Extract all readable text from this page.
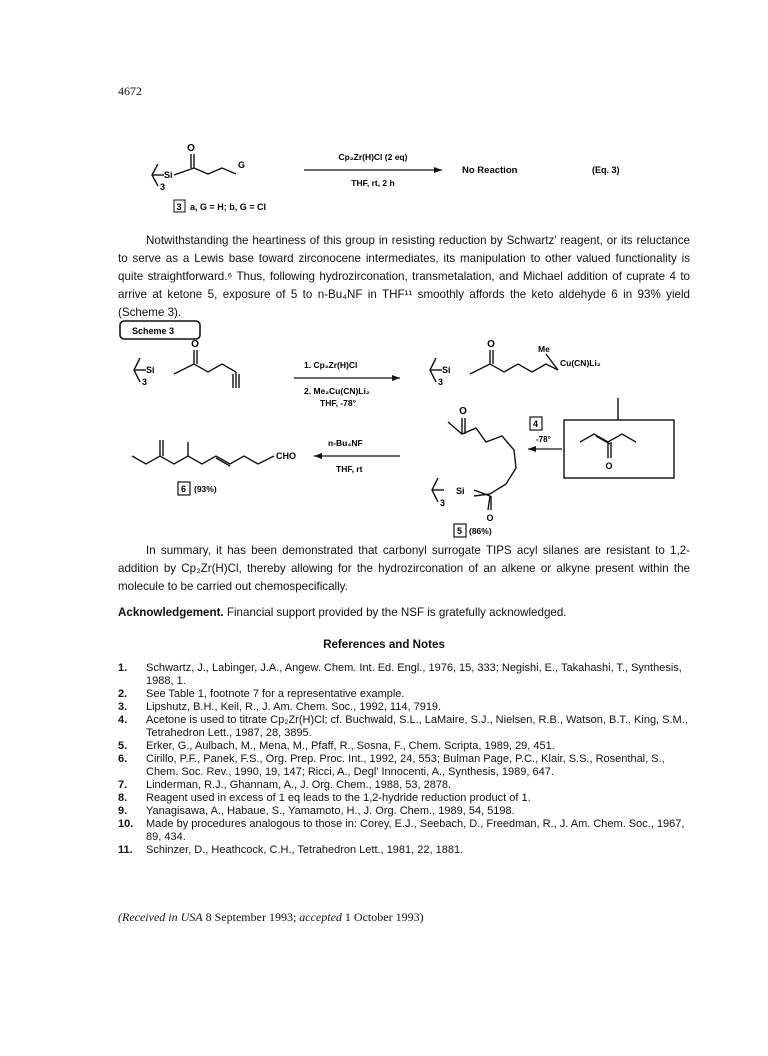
4672
O
Si
3
G
3 a, G = H; b, G = Cl
Cp₂Zr(H)Cl (2 eq)
THF, rt, 2 h
No Reaction	(Eq. 3)
Notwithstanding the heartiness of this group in resisting reduction by Schwartz' reagent, or its reluctance to serve as a Lewis base toward zirconocene intermediates, its manipulation to other valued functionality is quite straightforward.⁶ Thus, following hydrozirconation, transmetalation, and Michael addition of cuprate 4 to arrive at ketone 5, exposure of 5 to n-Bu₄NF in THF¹¹ smoothly affords the keto aldehyde 6 in 93% yield (Scheme 3).
Scheme 3
O
Si
3
1. Cp₂Zr(H)Cl
2. Me₂Cu(CN)Li₂
THF, -78°
O
Si
3
Me
Cu(CN)Li₂
4
O
-78°
O
Si
3
O
5 (86%)
n-Bu₄NF
THF, rt
CHO
6 (93%)
In summary, it has been demonstrated that carbonyl surrogate TIPS acyl silanes are resistant to 1,2-addition by Cp₂Zr(H)Cl, thereby allowing for the hydrozirconation of an alkene or alkyne present within the molecule to be carried out chemospecifically.
Acknowledgement. Financial support provided by the NSF is gratefully acknowledged.
References and Notes
1.	Schwartz, J., Labinger, J.A., Angew. Chem. Int. Ed. Engl., 1976, 15, 333; Negishi, E., Takahashi, T., Synthesis, 1988, 1.
2.	See Table 1, footnote 7 for a representative example.
3.	Lipshutz, B.H., Keil, R., J. Am. Chem. Soc., 1992, 114, 7919.
4.	Acetone is used to titrate Cp₂Zr(H)Cl; cf. Buchwald, S.L., LaMaire, S.J., Nielsen, R.B., Watson, B.T., King, S.M., Tetrahedron Lett., 1987, 28, 3895.
5.	Erker, G., Aulbach, M., Mena, M., Pfaff, R., Sosna, F., Chem. Scripta, 1989, 29, 451.
6.	Cirillo, P.F., Panek, F.S., Org. Prep. Proc. Int., 1992, 24, 553; Bulman Page, P.C., Klair, S.S., Rosenthal, S., Chem. Soc. Rev., 1990, 19, 147; Ricci, A., Degl' Innocenti, A., Synthesis, 1989, 647.
7.	Linderman, R.J., Ghannam, A., J. Org. Chem., 1988, 53, 2878.
8.	Reagent used in excess of 1 eq leads to the 1,2-hydride reduction product of 1.
9.	Yanagisawa, A., Habaue, S., Yamamoto, H., J. Org. Chem., 1989, 54, 5198.
10.	Made by procedures analogous to those in: Corey, E.J., Seebach, D., Freedman, R., J. Am. Chem. Soc., 1967, 89, 434.
11.	Schinzer, D., Heathcock, C.H., Tetrahedron Lett., 1981, 22, 1881.
(Received in USA 8 September 1993; accepted 1 October 1993)
